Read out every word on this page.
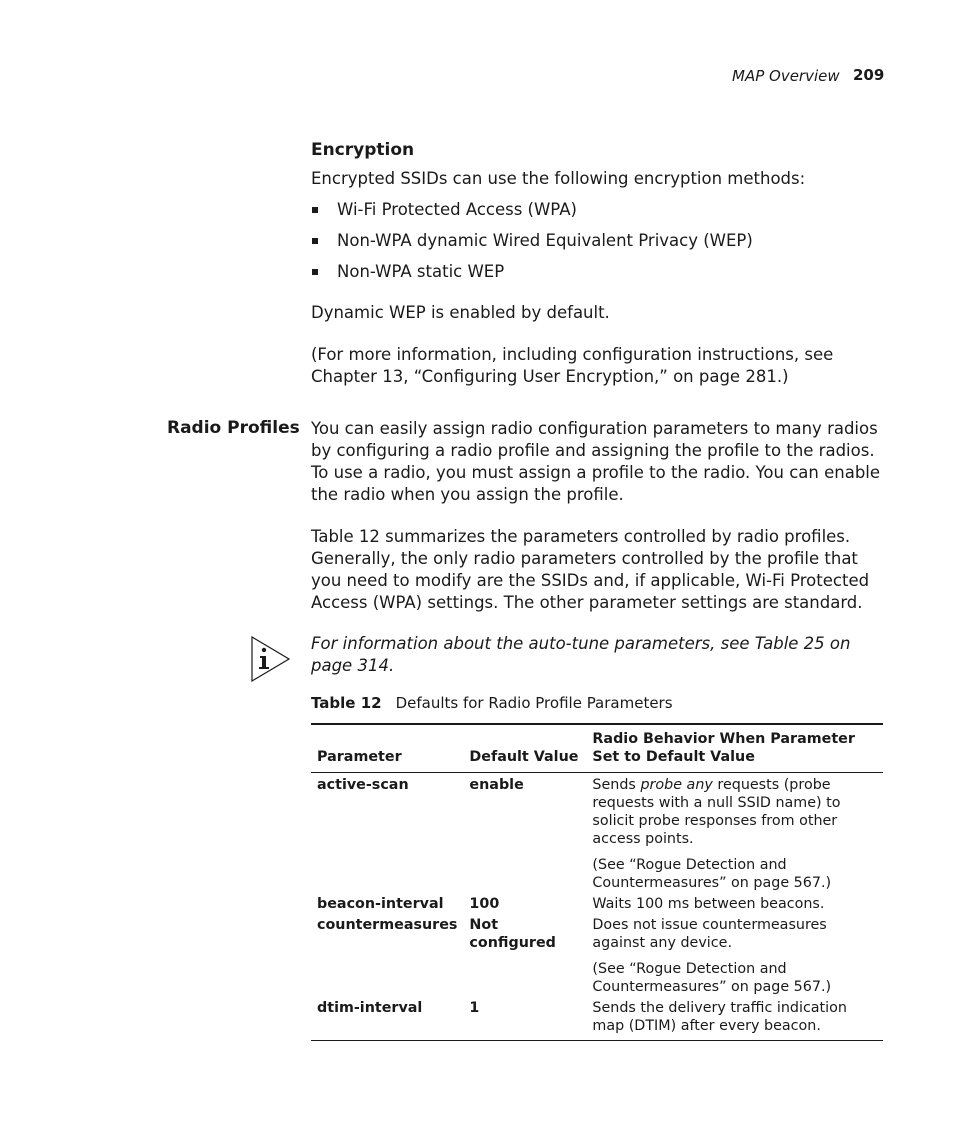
MAP Overview 209
Encryption
Encrypted SSIDs can use the following encryption methods:
Wi-Fi Protected Access (WPA)
Non-WPA dynamic Wired Equivalent Privacy (WEP)
Non-WPA static WEP
Dynamic WEP is enabled by default.
(For more information, including configuration instructions, see Chapter 13, “Configuring User Encryption,” on page 281.)
Radio Profiles You can easily assign radio configuration parameters to many radios by configuring a radio profile and assigning the profile to the radios. To use a radio, you must assign a profile to the radio. You can enable the radio when you assign the profile.
Table 12 summarizes the parameters controlled by radio profiles. Generally, the only radio parameters controlled by the profile that you need to modify are the SSIDs and, if applicable, Wi-Fi Protected Access (WPA) settings. The other parameter settings are standard.
For information about the auto-tune parameters, see Table 25 on page 314.
Table 12 Defaults for Radio Profile Parameters
Parameter	Default Value	Radio Behavior When Parameter Set to Default Value
active-scan	enable	Sends probe any requests (probe requests with a null SSID name) to solicit probe responses from other access points.

(See “Rogue Detection and Countermeasures” on page 567.)

beacon-interval	100	Waits 100 ms between beacons.

countermeasures	Not configured	Does not issue countermeasures against any device.

(See “Rogue Detection and Countermeasures” on page 567.)

dtim-interval	1	Sends the delivery traffic indication map (DTIM) after every beacon.
